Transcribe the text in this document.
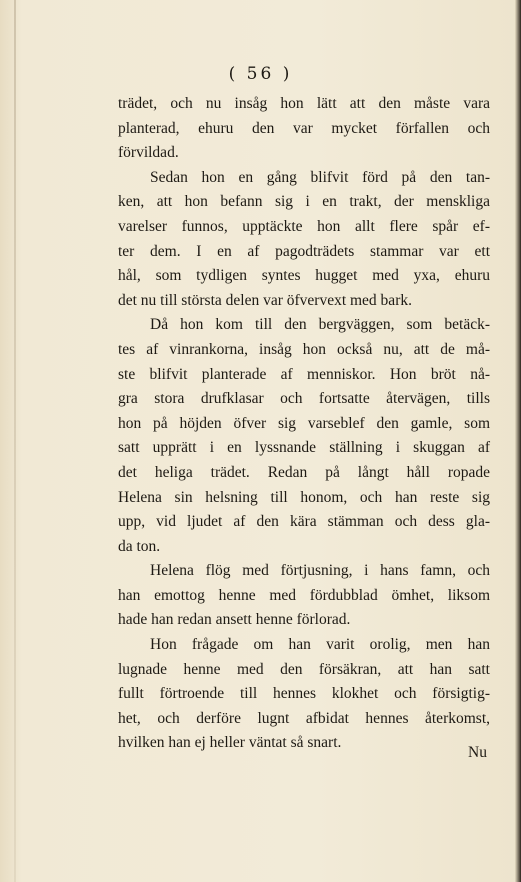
( 56 )
trädet, och nu insåg hon lätt att den måste vara
planterad, ehuru den var mycket förfallen och
förvildad.
Sedan hon en gång blifvit förd på den tan-
ken, att hon befann sig i en trakt, der menskliga
varelser funnos, upptäckte hon allt flere spår ef-
ter dem. I en af pagodträdets stammar var ett
hål, som tydligen syntes hugget med yxa, ehuru
det nu till största delen var öfvervext med bark.
Då hon kom till den bergväggen, som betäck-
tes af vinrankorna, insåg hon också nu, att de må-
ste blifvit planterade af menniskor. Hon bröt nå-
gra stora drufklasar och fortsatte återvägen, tills
hon på höjden öfver sig varseblef den gamle, som
satt upprätt i en lyssnande ställning i skuggan af
det heliga trädet. Redan på långt håll ropade
Helena sin helsning till honom, och han reste sig
upp, vid ljudet af den kära stämman och dess gla-
da ton.
Helena flög med förtjusning, i hans famn, och
han emottog henne med fördubblad ömhet, liksom
hade han redan ansett henne förlorad.
Hon frågade om han varit orolig, men han
lugnade henne med den försäkran, att han satt
fullt förtroende till hennes klokhet och försigtig-
het, och derföre lugnt afbidat hennes återkomst,
hvilken han ej heller väntat så snart.
Nu
